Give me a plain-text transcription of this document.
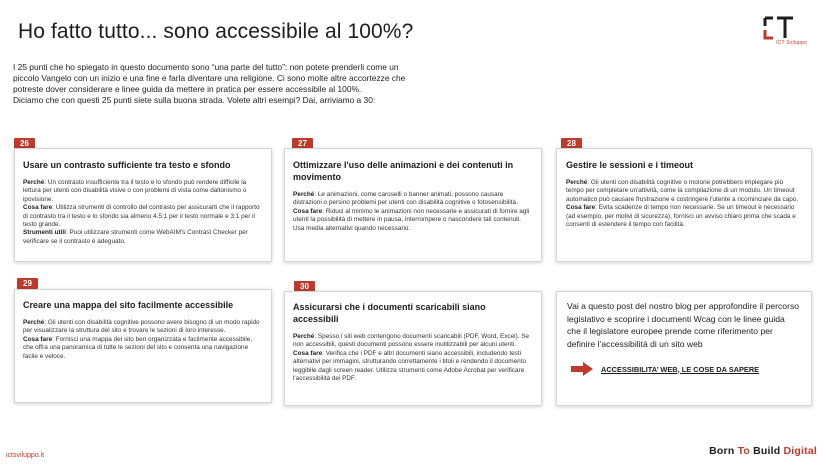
Ho fatto tutto... sono accessibile al 100%?	ICT Sviluppo
I 25 punti che ho spiegato in questo documento sono “una parte del tutto”: non potete prenderli come un
piccolo Vangelo con un inizio e una fine e farla diventare una religione. Ci sono molte altre accortezze che
potreste dover considerare e linee guida da mettere in pratica per essere accessibile al 100%.
Diciamo che con questi 25 punti siete sulla buona strada. Volete altri esempi? Dai, arriviamo a 30:
26
Usare un contrasto sufficiente tra testo e sfondo

Perché: Un contrasto insufficiente tra il testo e lo sfondo può rendere difficile la lettura per utenti con disabilità visive o con problemi di vista come daltonismo o ipovisione.

Cosa fare: Utilizza strumenti di controllo del contrasto per assicurarti che il rapporto di contrasto tra il testo e lo sfondo sia almeno 4.5:1 per il testo normale e 3:1 per il testo grande.

Strumenti utili: Puoi utilizzare strumenti come WebAIM's Contrast Checker per verificare se il contrasto è adeguato.

27
Ottimizzare l'uso delle animazioni e dei contenuti in movimento

Perché: Le animazioni, come caroselli o banner animati, possono causare distrazioni o persino problemi per utenti con disabilità cognitive o fotosensibilità.

Cosa fare: Riduci al minimo le animazioni non necessarie e assicurati di fornire agli utenti la possibilità di mettere in pausa, interrompere o nascondere tali contenuti. Usa media alternativi quando necessario.

28
Gestire le sessioni e i timeout

Perché: Gli utenti con disabilità cognitive o motorie potrebbero impiegare più tempo per completare un'attività, come la compilazione di un modulo. Un timeout automatico può causare frustrazione e costringere l'utente a ricominciare da capo.

Cosa fare: Evita scadenze di tempo non necessarie. Se un timeout è necessario (ad esempio, per motivi di sicurezza), fornisci un avviso chiaro prima che scada e consenti di estendere il tempo con facilità.

29
Creare una mappa del sito facilmente accessibile

Perché: Gli utenti con disabilità cognitive possono avere bisogno di un modo rapido per visualizzare la struttura del sito e trovare le sezioni di loro interesse.

Cosa fare: Fornisci una mappa del sito ben organizzata e facilmente accessibile, che offra una panoramica di tutte le sezioni del sito e consenta una navigazione facile e veloce.

30
Assicurarsi che i documenti scaricabili siano accessibili

Perché: Spesso i siti web contengono documenti scaricabili (PDF, Word, Excel). Se non accessibili, questi documenti possono essere inutilizzabili per alcuni utenti.

Cosa fare: Verifica che i PDF e altri documenti siano accessibili, includendo testi alternativi per immagini, strutturando correttamente i titoli e rendendo il documento leggibile dagli screen reader. Utilizza strumenti come Adobe Acrobat per verificare l'accessibilità dei PDF.

Vai a questo post del nostro blog per approfondire il percorso legislativo e scoprire i documenti Wcag con le linee guida che il legislatore europee prende come riferimento per definire l’accessibilità di un sito web
ACCESSIBILITA’ WEB, LE COSE DA SAPERE
ictsviluppo.it	Born To Build Digital
